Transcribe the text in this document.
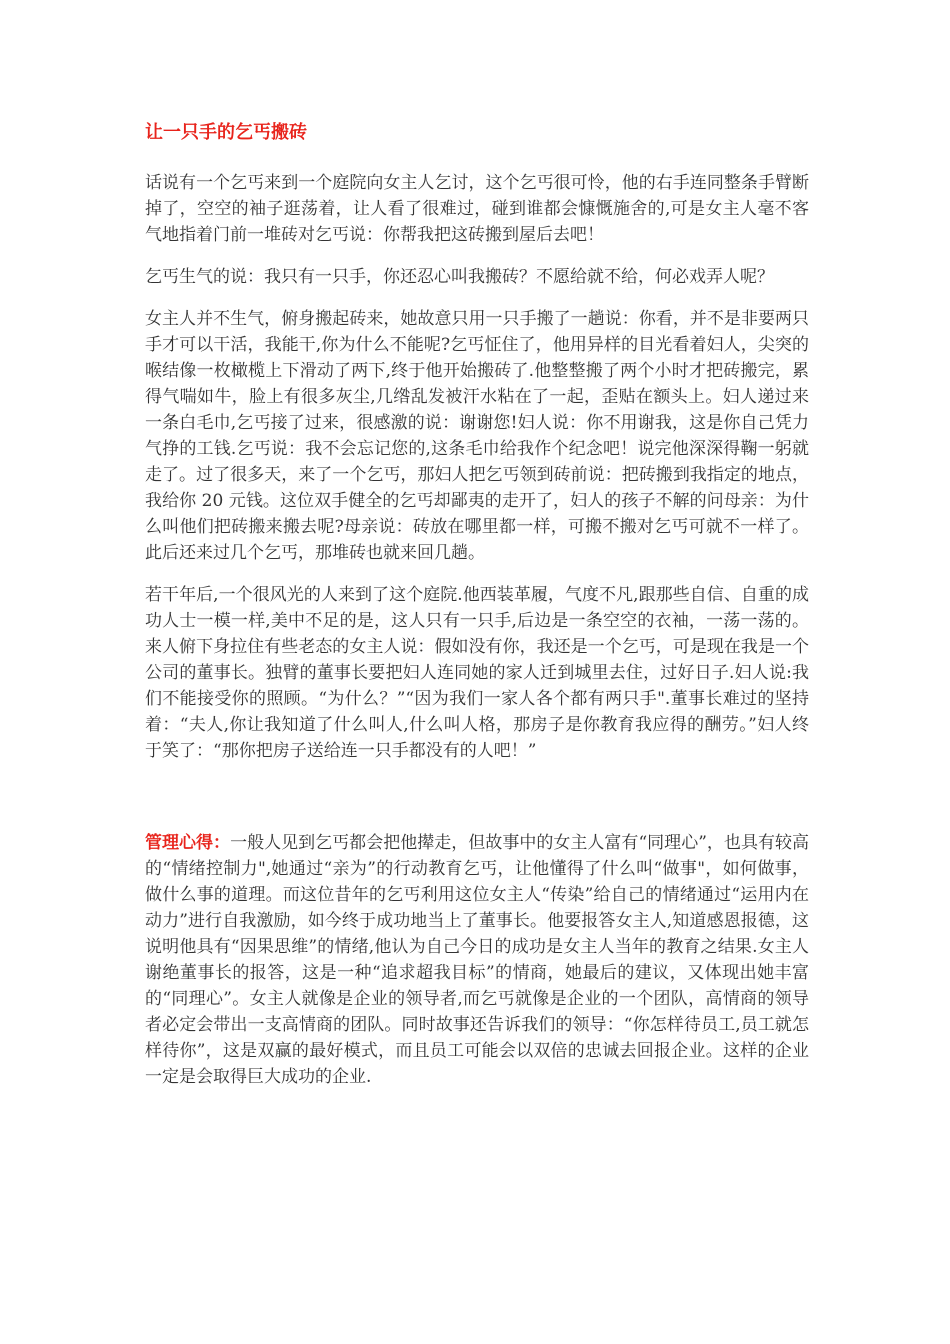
让一只手的乞丐搬砖

话说有一个乞丐来到一个庭院向女主人乞讨，这个乞丐很可怜，他的右手连同整条手臂断掉了，空空的袖子逛荡着，让人看了很难过，碰到谁都会慷慨施舍的,可是女主人毫不客气地指着门前一堆砖对乞丐说：你帮我把这砖搬到屋后去吧！

乞丐生气的说：我只有一只手，你还忍心叫我搬砖？不愿给就不给，何必戏弄人呢？

女主人并不生气，俯身搬起砖来，她故意只用一只手搬了一趟说：你看，并不是非要两只手才可以干活，我能干,你为什么不能呢?乞丐怔住了，他用异样的目光看着妇人，尖突的喉结像一枚橄榄上下滑动了两下,终于他开始搬砖了.他整整搬了两个小时才把砖搬完，累得气喘如牛，脸上有很多灰尘,几绺乱发被汗水粘在了一起，歪贴在额头上。妇人递过来一条白毛巾,乞丐接了过来，很感激的说：谢谢您!妇人说：你不用谢我，这是你自己凭力 气挣的工钱.乞丐说：我不会忘记您的,这条毛巾给我作个纪念吧！说完他深深得鞠一躬就走了。过了很多天，来了一个乞丐，那妇人把乞丐领到砖前说：把砖搬到我指定的地点，我给你 20 元钱。这位双手健全的乞丐却鄙夷的走开了，妇人的孩子不解的问母亲：为什么叫他们把砖搬来搬去呢?母亲说：砖放在哪里都一样，可搬不搬对乞丐可就不一样了。此后还来过几个乞丐，那堆砖也就来回几趟。

若干年后,一个很风光的人来到了这个庭院.他西装革履，气度不凡,跟那些自信、自重的成功人士一模一样,美中不足的是，这人只有一只手,后边是一条空空的衣袖，一荡一荡的。来人俯下身拉住有些老态的女主人说：假如没有你，我还是一个乞丐，可是现在我是一个公司的董事长。独臂的董事长要把妇人连同她的家人迁到城里去住，过好日子.妇人说:我们不能接受你的照顾。“为什么？”“因为我们一家人各个都有两只手".董事长难过的坚持着：“夫人,你让我知道了什么叫人,什么叫人格，那房子是你教育我应得的酬劳。”妇人终于笑了：“那你把房子送给连一只手都没有的人吧！”

管理心得：一般人见到乞丐都会把他撵走，但故事中的女主人富有“同理心”，也具有较高的“情绪控制力",她通过“亲为”的行动教育乞丐，让他懂得了什么叫“做事"，如何做事，做什么事的道理。而这位昔年的乞丐利用这位女主人“传染”给自己的情绪通过“运用内在动力”进行自我激励，如今终于成功地当上了董事长。他要报答女主人,知道感恩报德，这说明他具有“因果思维”的情绪,他认为自己今日的成功是女主人当年的教育之结果.女主人谢绝董事长的报答，这是一种“追求超我目标”的情商，她最后的建议，又体现出她丰富的“同理心”。女主人就像是企业的领导者,而乞丐就像是企业的一个团队，高情商的领导者必定会带出一支高情商的团队。同时故事还告诉我们的领导：“你怎样待员工,员工就怎样待你”，这是双赢的最好模式，而且员工可能会以双倍的忠诚去回报企业。这样的企业一定是会取得巨大成功的企业.
